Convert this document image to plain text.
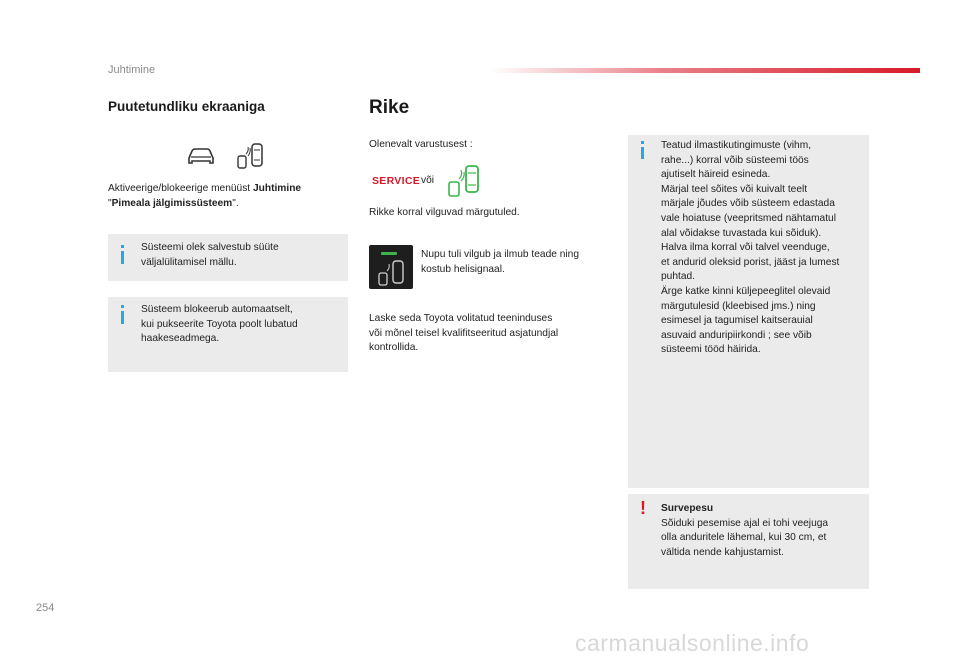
Juhtimine
Puutetundliku ekraaniga
Aktiveerige/blokeerige menüüst Juhtimine
"Pimeala jälgimissüsteem".
Süsteemi olek salvestub süüte
väljalülitamisel mällu.
Süsteem blokeerub automaatselt,
kui pukseerite Toyota poolt lubatud
haakeseadmega.
Rike
Olenevalt varustusest :
SERVICE või
Rikke korral vilguvad märgutuled.
Nupu tuli vilgub ja ilmub teade ning
kostub helisignaal.
Laske seda Toyota volitatud teeninduses
või mõnel teisel kvalifitseeritud asjatundjal
kontrollida.
Teatud ilmastikutingimuste (vihm,
rahe...) korral võib süsteemi töös
ajutiselt häireid esineda.
Märjal teel sõites või kuivalt teelt
märjale jõudes võib süsteem edastada
vale hoiatuse (veepritsmed nähtamatul
alal võidakse tuvastada kui sõiduk).
Halva ilma korral või talvel veenduge,
et andurid oleksid porist, jääst ja lumest
puhtad.
Ärge katke kinni küljepeeglitel olevaid
märgutulesid (kleebised jms.) ning
esimesel ja tagumisel kaitserauial
asuvaid anduripiirkondi ; see võib
süsteemi tööd häirida.
! Survepesu
Sõiduki pesemise ajal ei tohi veejuga
olla anduritele lähemal, kui 30 cm, et
vältida nende kahjustamist.
254
carmanualsonline.info
